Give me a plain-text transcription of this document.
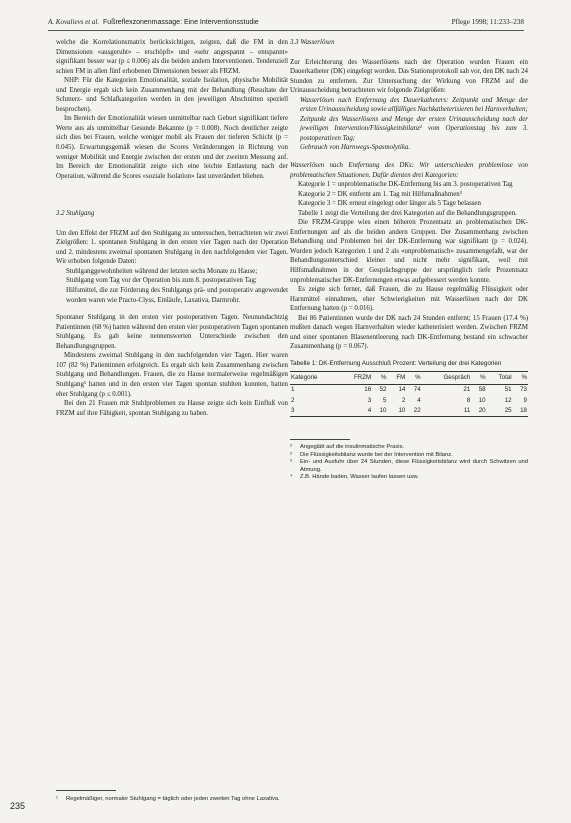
A. Kovalievs et al. Fußreflexzonenmassage: Eine Interventionsstudie	Pflege 1998; 11:233–238

welche die Korrelationsmatrix berücksichtigen, zeigten, daß die FM in den Dimensionen «ausgeruht» – erschöpft» und «sehr angespannt – entspannt» signifikant besser war (p ≤ 0.006) als die beiden andern Interventionen. Tendenziell schien FM in allen fünf erhobenen Dimensionen besser als FRZM.

NHP: Für die Kategorien Emotionalität, soziale Isolation, physische Mobilität und Energie ergab sich kein Zusammenhang mit der Behandlung (Resultate der Schmerz- und Schlafkategorien werden in den jeweiligen Abschnitten speziell besprochen).

Im Bereich der Emotionalität wiesen unmittelbar nach Geburt signifikant tiefere Werte aus als unmittelbar Gesunde Bekannte (p = 0.008). Noch deutlicher zeigte sich dies bei Frauen, welche weniger mobil als Frauen der tieferen Schicht (p = 0.045). Erwartungsgemäß wiesen die Scores Veränderungen in Richtung von weniger Mobilität und Energie zwischen der ersten und der zweiten Messung auf. Im Bereich der Emotionalität zeigte sich eine leichte Entlastung nach der Operation, während die Scores «soziale Isolation» fast unverändert blieben.

3.2 Stuhlgang

Um den Effekt der FRZM auf den Stuhlgang zu untersuchen, betrachteten wir zwei Zielgrößen: 1. spontanen Stuhlgang in den ersten vier Tagen nach der Operation und 2. mindestens zweimal spontanen Stuhlgang in den nachfolgenden vier Tagen. Wir erhoben folgende Daten:

Stuhlganggewohnheiten während der letzten sechs Monate zu Hause;

Stuhlgang vom Tag vor der Operation bis zum 8. postoperativen Tag;

Hilfsmittel, die zur Förderung des Stuhlgangs prä- und postoperativ angewendet worden waren wie Practo-Clyss, Einläufe, Laxativa, Darmrohr.

Spontaner Stuhlgang in den ersten vier postoperativen Tagen. Neunundachtzig Patientinnen (68 %) hatten während den ersten vier postoperativen Tagen spontanen Stuhlgang. Es gab keine nennenswerten Unterschiede zwischen den Behandlungsgruppen.

Mindestens zweimal Stuhlgang in den nachfolgenden vier Tagen. Hier waren 107 (82 %) Patientinnen erfolgreich. Es ergab sich kein Zusammenhang zwischen Stuhlgang und Behandlungen. Frauen, die zu Hause normalerweise regelmäßigen Stuhlgang¹ hatten und in den ersten vier Tagen spontan stuhlten konnten, hatten eher Stuhlgang (p ≤ 0.001).

Bei den 21 Frauen mit Stuhlproblemen zu Hause zeigte sich kein Einfluß von FRZM auf ihre Fähigkeit, spontan Stuhlgang zu haben.

235
¹	Regelmäßiger, normaler Stuhlgang = täglich oder jeden zweiten Tag ohne Laxativa.

3.3 Wasserlösen

Zur Erleichterung des Wasserlösens nach der Operation wurden Frauen ein Dauerkatheter (DK) eingelegt worden. Das Stationsprotokoll sah vor, den DK nach 24 Stunden zu entfernen. Zur Untersuchung der Wirkung von FRZM auf die Urinausscheidung betrachteten wir folgende Zielgrößen:

Wasserlösen nach Entfernung des Dauerkatheters: Zeitpunkt und Menge der ersten Urinausscheidung sowie allfälliges Nachkatheterisieren bei Harnverhalten;

Zeitpunkt des Wasserlösens und Menge der ersten Urinausscheidung nach der jeweiligen Intervention/Flüssigkeitsbilanz² vom Operationstag bis zum 3. postoperativen Tag;

Gebrauch von Harnwegs-Spasmolytika.

Wasserlösen nach Entfernung des DKs: Wir unterschieden problemlose von problematischen Situationen. Dafür dienten drei Kategorien:

Kategorie 1 = unproblematische DK-Entfernung bis am 3. postoperativen Tag

Kategorie 2 = DK entfernt am 1. Tag mit Hilfsmaßnahmen³

Kategorie 3 = DK erneut eingelegt oder länger als 5 Tage belassen

Tabelle 1 zeigt die Verteilung der drei Kategorien auf die Behandlungsgruppen.

Die FRZM-Gruppe wies einen höheren Prozentsatz an problematischen DK-Entfernungen auf als die beiden andern Gruppen. Der Zusammenhang zwischen Behandlung und Problemen bei der DK-Entfernung war signifikant (p = 0.024). Wurden jedoch Kategorien 1 und 2 als «unproblematisch» zusammengefaßt, war der Behandlungsunterschied kleiner und nicht mehr signifikant, weil mit Hilfsmaßnahmen in der Gesprächsgruppe der ursprünglich tiefe Prozentsatz unproblematischer DK-Entfernungen etwas aufgebessert werden konnte.

Es zeigte sich ferner, daß Frauen, die zu Hause regelmäßig Flüssigkeit oder Harnmittel einnahmen, eher Schwierigkeiten mit Wasserlösen nach der DK Entfernung hatten (p = 0.016).

Bei 86 Patientinnen wurde der DK nach 24 Stunden entfernt; 15 Frauen (17.4 %) mußten danach wegen Harnverhalten wieder katheterisiert werden. Zwischen FRZM und einer spontanen Blasenentleerung nach DK-Entfernung bestand ein schwacher Zusammenhang (p = 0.067).

Tabelle 1: DK-Entfernung Ausschluß Prozent: Verteilung der drei Kategorien

Kategorie	FRZM	%	FM	%	Gespräch	%	Total	%
1	16	52	14	74	21	58	51	73
2	3	5	2	4	8	10	12	9
3	4	10	10	22	11	20	25	18
²	Angeglätt auf die insulinmatische Praxis.
²	Die Flüssigkeitsbilanz wurde bei der Intervention mit Bilanz.
³	Ein- und Ausfuhr über 24 Stunden, diese Flüssigkeitsbilanz wird durch Schwitzen und Atmung.
⁴	Z.B. Hände baden, Wasser laufen lassen usw.
